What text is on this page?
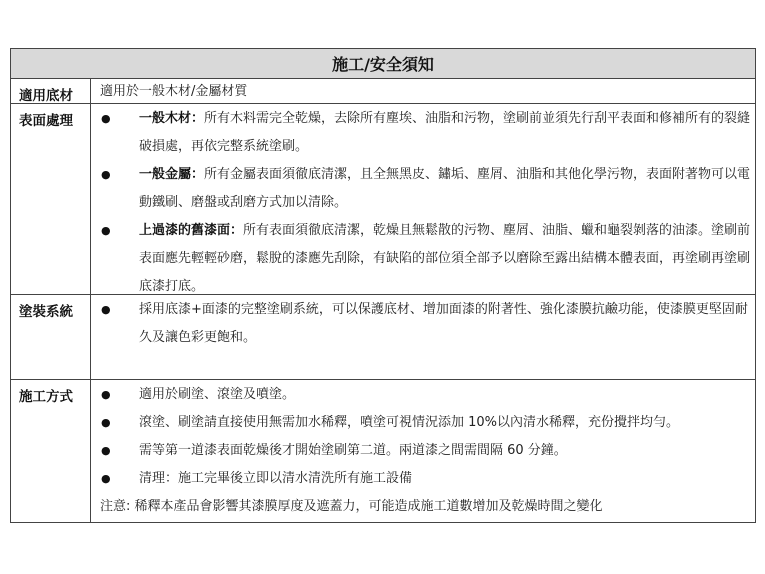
施工/安全須知
適用底材	適用於一般木材/金屬材質
表面處理	●	一般木材：所有木料需完全乾燥，去除所有塵埃、油脂和污物，塗刷前並須先行刮平表面和修補所有的裂縫破損處，再依完整系統塗刷。
●	一般金屬：所有金屬表面須徹底清潔，且全無黑皮、鏽垢、塵屑、油脂和其他化學污物，表面附著物可以電動鐵刷、磨盤或刮磨方式加以清除。
●	上過漆的舊漆面：所有表面須徹底清潔，乾燥且無鬆散的污物、塵屑、油脂、蠟和龜裂剝落的油漆。塗刷前表面應先輕輕砂磨，鬆脫的漆應先刮除，有缺陷的部位須全部予以磨除至露出結構本體表面，再塗刷再塗刷底漆打底。
塗裝系統	●	採用底漆+面漆的完整塗刷系統，可以保護底材、增加面漆的附著性、強化漆膜抗鹼功能，使漆膜更堅固耐久及讓色彩更飽和。
施工方式	●	適用於刷塗、滾塗及噴塗。
●	滾塗、刷塗請直接使用無需加水稀釋，噴塗可視情況添加 10%以內清水稀釋，充份攪拌均勻。
●	需等第一道漆表面乾燥後才開始塗刷第二道。兩道漆之間需間隔 60 分鐘。
●	清理：施工完畢後立即以清水清洗所有施工設備
注意: 稀釋本產品會影響其漆膜厚度及遮蓋力，可能造成施工道數增加及乾燥時間之變化
